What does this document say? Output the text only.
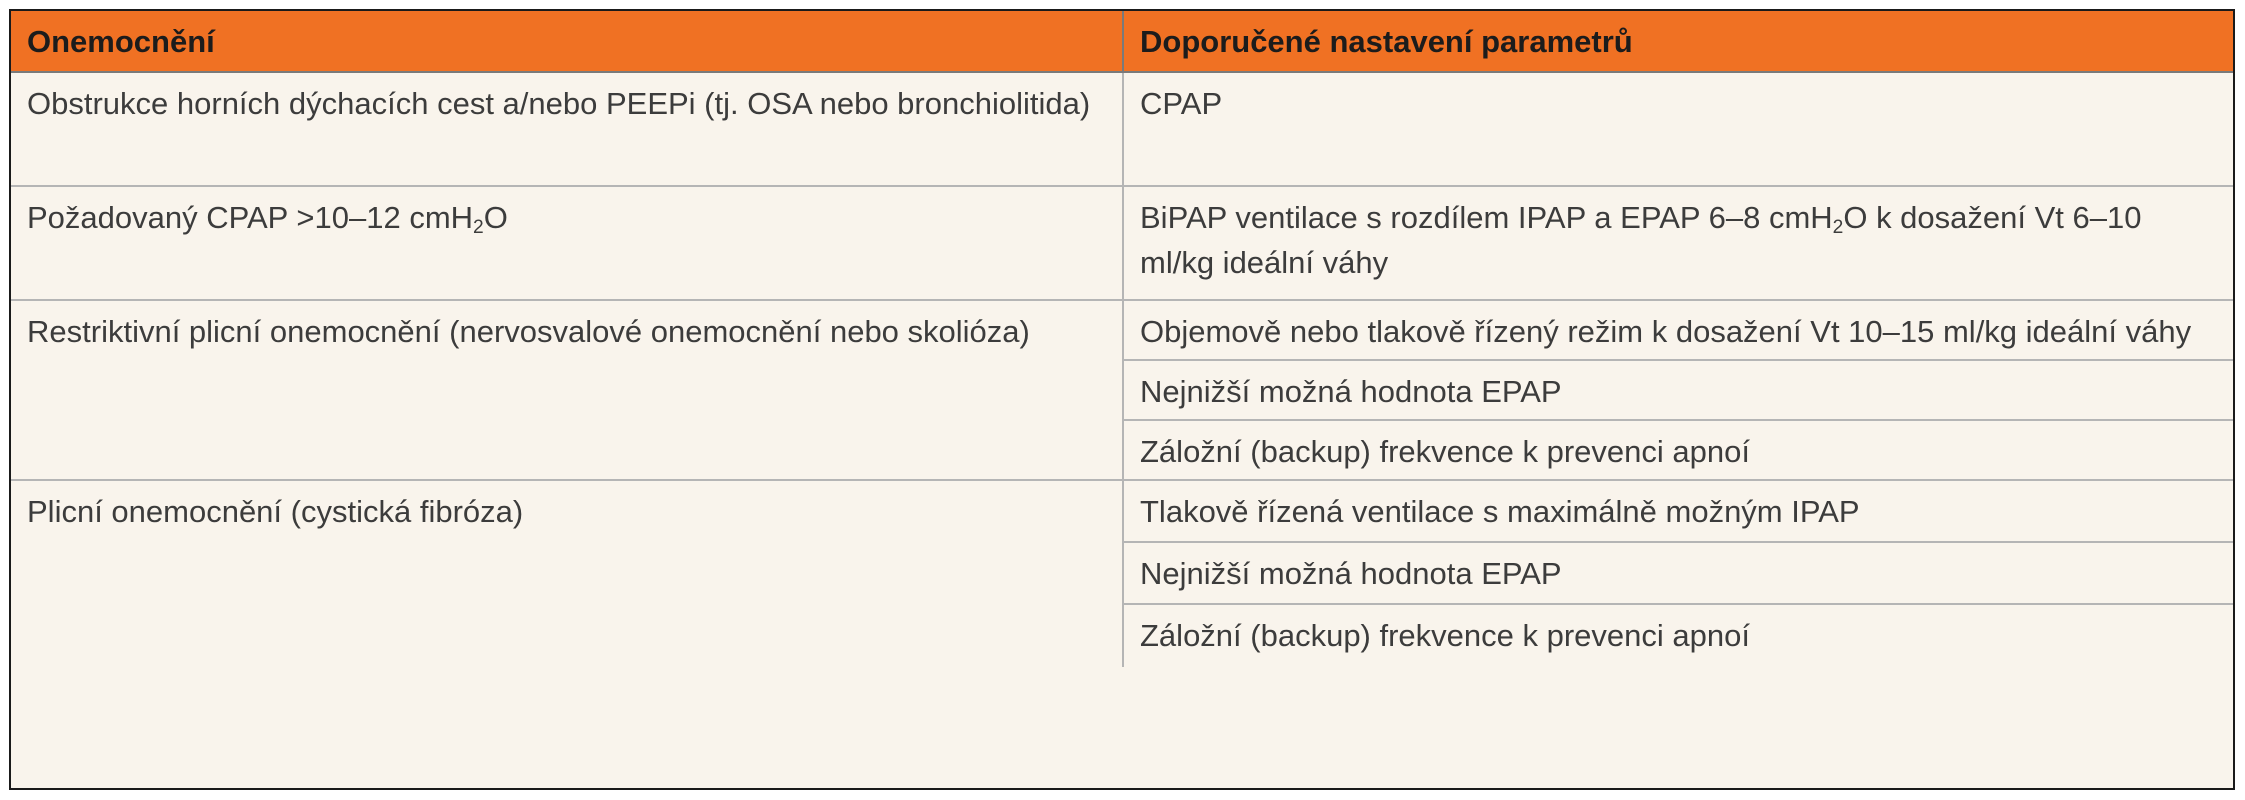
Onemocnění	Doporučené nastavení parametrů
Obstrukce horních dýchacích cest a/nebo PEEPi (tj. OSA nebo bronchiolitida)	CPAP
Požadovaný CPAP >10–12 cmH$_2$O	BiPAP ventilace s rozdílem IPAP a EPAP 6–8 cmH$_2$O k dosažení Vt 6–10 ml/kg ideální váhy
Restriktivní plicní onemocnění (nervosvalové onemocnění nebo skolióza)	Objemově nebo tlakově řízený režim k dosažení Vt 10–15 ml/kg ideální váhy
Nejnižší možná hodnota EPAP
Záložní (backup) frekvence k prevenci apnoí
Plicní onemocnění (cystická fibróza)	Tlakově řízená ventilace s maximálně možným IPAP
Nejnižší možná hodnota EPAP
Záložní (backup) frekvence k prevenci apnoí
